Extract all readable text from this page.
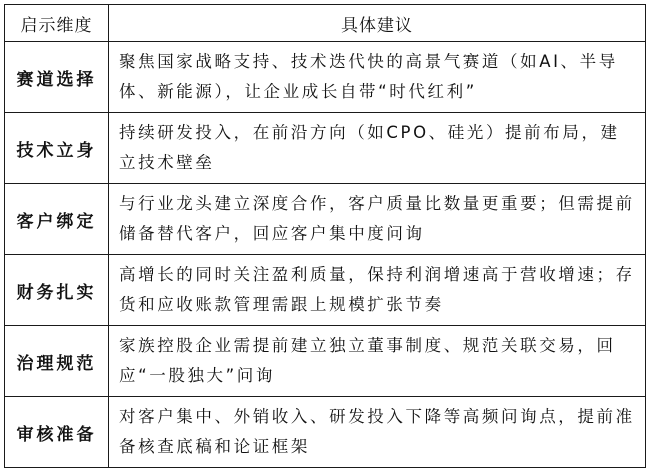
启示维度	具体建议
赛道选择	聚焦国家战略支持、技术迭代快的高景气赛道（如AI、半导体、新能源），让企业成长自带“时代红利”
技术立身	持续研发投入，在前沿方向（如CPO、硅光）提前布局，建立技术壁垒
客户绑定	与行业龙头建立深度合作，客户质量比数量更重要；但需提前储备替代客户，回应客户集中度问询
财务扎实	高增长的同时关注盈利质量，保持利润增速高于营收增速；存货和应收账款管理需跟上规模扩张节奏
治理规范	家族控股企业需提前建立独立董事制度、规范关联交易，回应“一股独大”问询
审核准备	对客户集中、外销收入、研发投入下降等高频问询点，提前准备核查底稿和论证框架
